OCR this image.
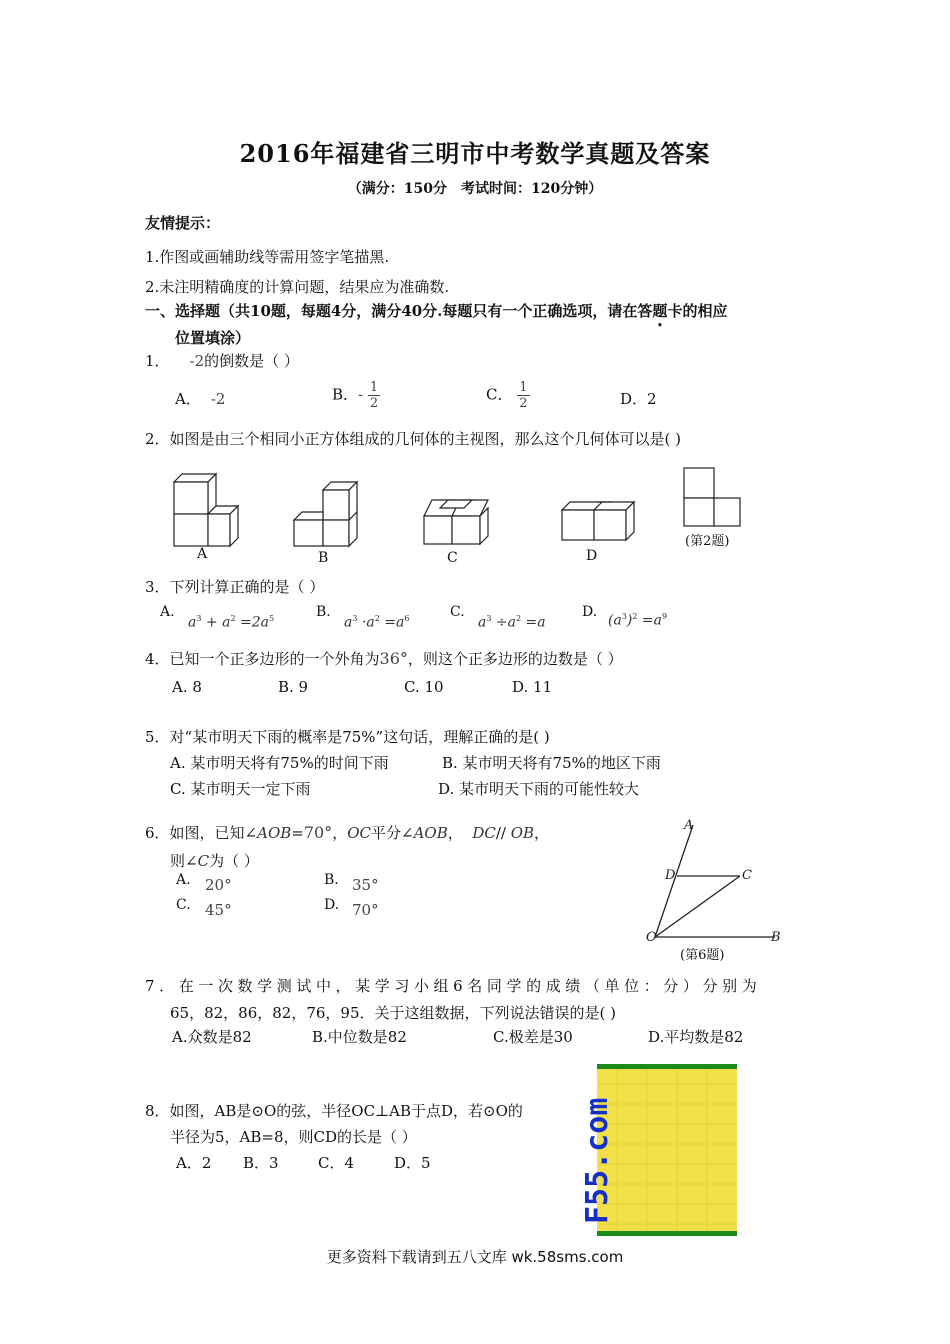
2016年福建省三明市中考数学真题及答案
（满分：150分　考试时间：120分钟）
友情提示：
1.作图或画辅助线等需用签字笔描黑.
2.未注明精确度的计算问题，结果应为准确数.
一、选择题（共10题，每题4分，满分40分.每题只有一个正确选项，请在答题卡的相应
位置填涂）
1． -2的倒数是（ ）
A． -2	B．- $\frac{1}{2}$	C． $\frac{1}{2}$	D．2
2．如图是由三个相同小正方体组成的几何体的主视图，那么这个几何体可以是( )
A	B	C	D
(第2题)
3．下列计算正确的是（ ）
A.
$a^3 + a^2 =2a^5$	B.
$a^3 \cdot a^2 =a^6$	C.
$a^3 \div a^2 =a$
D.
$(a^3)^2 =a^9$
4．已知一个正多边形的一个外角为36°，则这个正多边形的边数是（ ）
A. 8	B. 9	C. 10	D. 11
5．对“某市明天下雨的概率是75%”这句话，理解正确的是( )
A. 某市明天将有75%的时间下雨	B. 某市明天将有75%的地区下雨
C. 某市明天一定下雨	D. 某市明天下雨的可能性较大
6．如图，已知∠AOB=70°，OC平分∠AOB， DC// OB，
则∠C为（ ）
A. 20°	B. 35°
C. 45°	D. 70°
A
D	C
O	B
(第6题)
7．在一次数学测试中，某学习小组6名同学的成绩（单位：分）分别为
65，82，86，82，76，95．关于这组数据，下列说法错误的是( )
A.众数是82	B.中位数是82	C.极差是30	D.平均数是82
8．如图，AB是⊙O的弦，半径OC⊥AB于点D，若⊙O的
半径为5，AB=8，则CD的长是（ ）
A．2 B．3	C．4	D．5	F55.com
更多资料下载请到五八文库 wk.58sms.com
